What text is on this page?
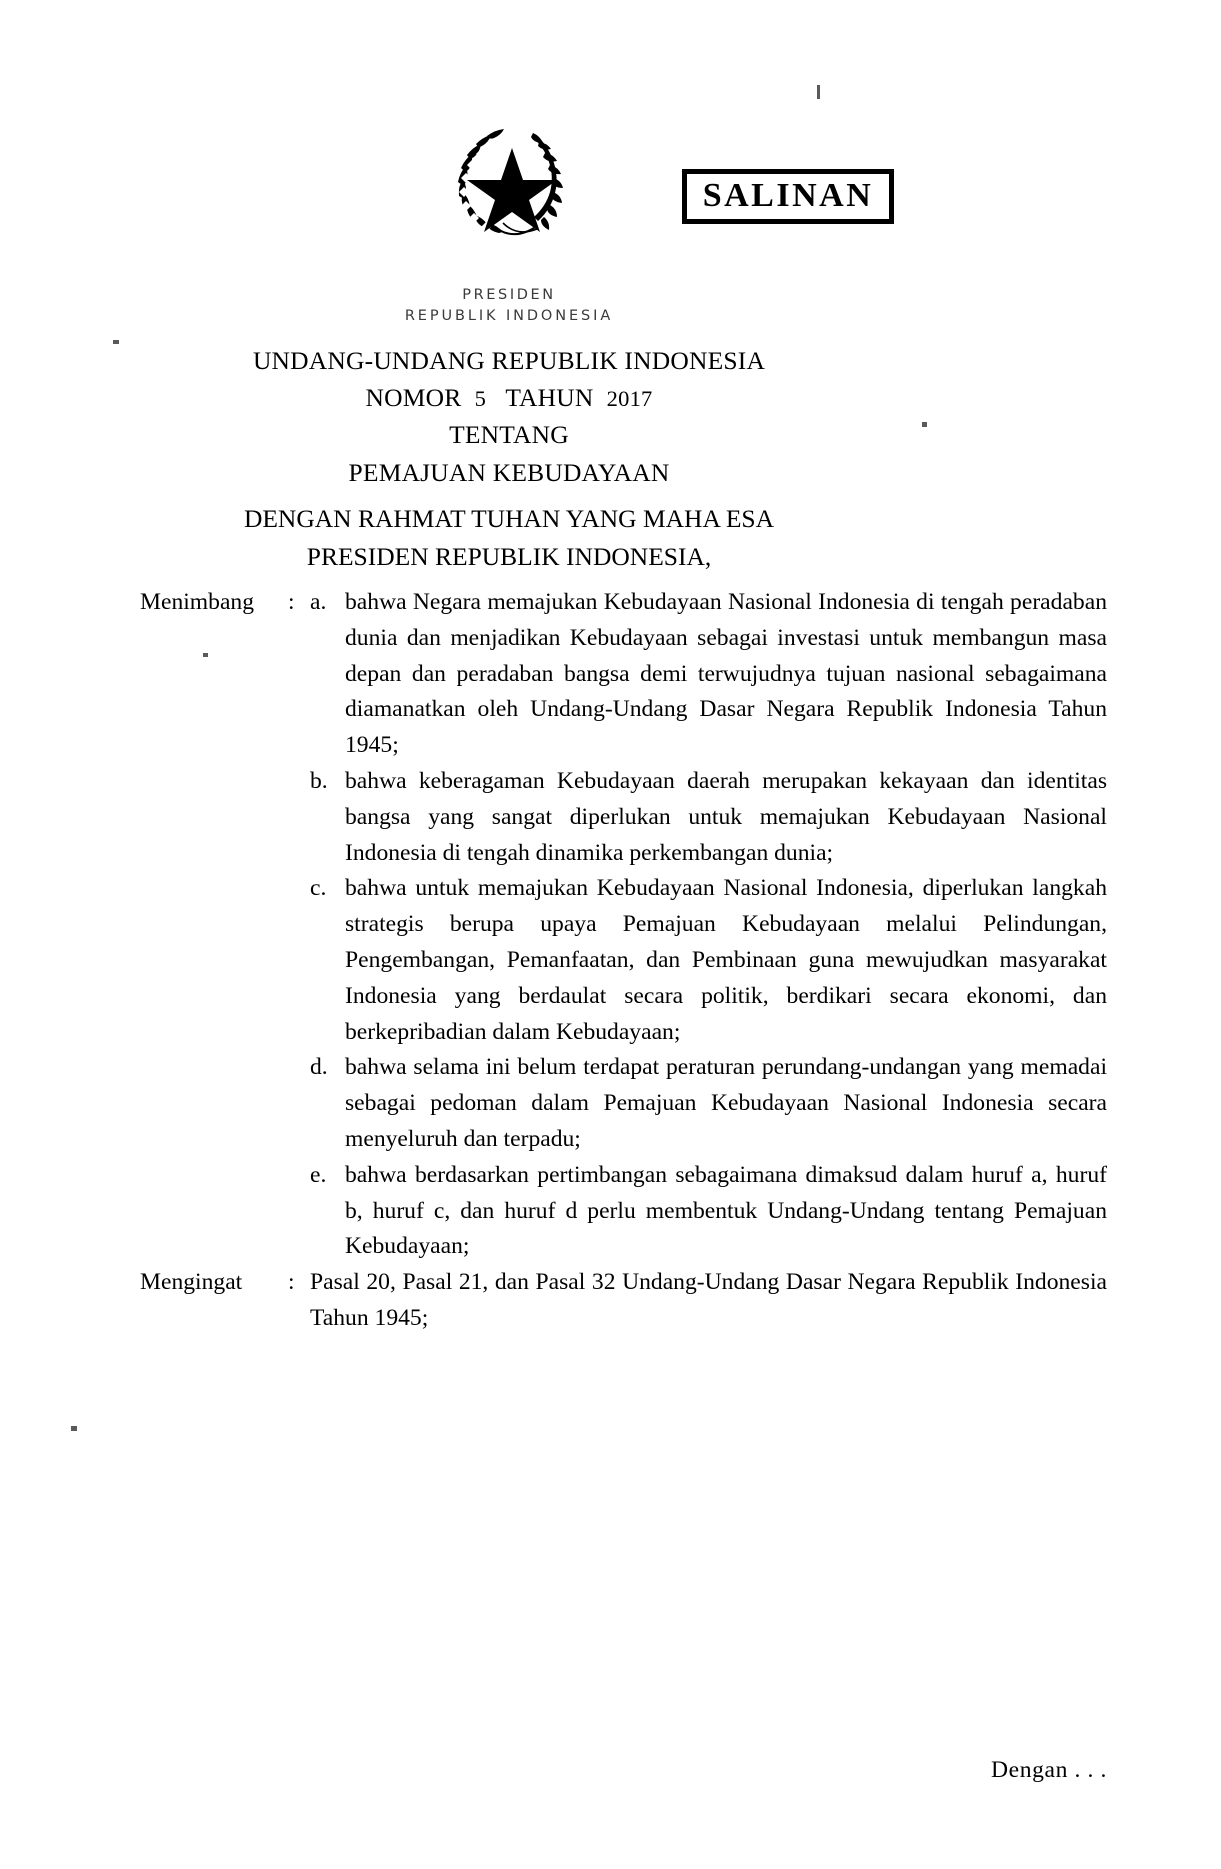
SALINAN
PRESIDEN
REPUBLIK INDONESIA
UNDANG-UNDANG REPUBLIK INDONESIA
NOMOR 5 TAHUN 2017
TENTANG
PEMAJUAN KEBUDAYAAN
DENGAN RAHMAT TUHAN YANG MAHA ESA
PRESIDEN REPUBLIK INDONESIA,
Menimbang	: a. bahwa Negara memajukan Kebudayaan Nasional Indonesia di tengah peradaban dunia dan menjadikan Kebudayaan sebagai investasi untuk membangun masa depan dan peradaban bangsa demi terwujudnya tujuan nasional sebagaimana diamanatkan oleh Undang-Undang Dasar Negara Republik Indonesia Tahun 1945;
b. bahwa keberagaman Kebudayaan daerah merupakan kekayaan dan identitas bangsa yang sangat diperlukan untuk memajukan Kebudayaan Nasional Indonesia di tengah dinamika perkembangan dunia;
c. bahwa untuk memajukan Kebudayaan Nasional Indonesia, diperlukan langkah strategis berupa upaya Pemajuan Kebudayaan melalui Pelindungan, Pengembangan, Pemanfaatan, dan Pembinaan guna mewujudkan masyarakat Indonesia yang berdaulat secara politik, berdikari secara ekonomi, dan berkepribadian dalam Kebudayaan;
d. bahwa selama ini belum terdapat peraturan perundang-undangan yang memadai sebagai pedoman dalam Pemajuan Kebudayaan Nasional Indonesia secara menyeluruh dan terpadu;
e. bahwa berdasarkan pertimbangan sebagaimana dimaksud dalam huruf a, huruf b, huruf c, dan huruf d perlu membentuk Undang-Undang tentang Pemajuan Kebudayaan;
Mengingat	: Pasal 20, Pasal 21, dan Pasal 32 Undang-Undang Dasar Negara Republik Indonesia Tahun 1945;
Dengan . . .
